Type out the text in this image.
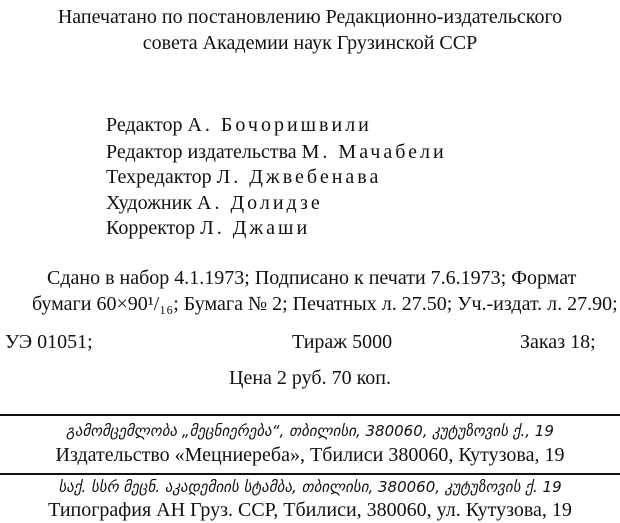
Напечатано по постановлению Редакционно-издательского
совета Академии наук Грузинской ССР
Редактор А. Бочоришвили
Редактор издательства М. Мачабели
Техредактор Л. Джвебенава
Художник А. Долидзе
Корректор Л. Джаши
Сдано в набор 4.1.1973; Подписано к печати 7.6.1973; Формат
бумаги 60×90¹/₁₆; Бумага № 2; Печатных л. 27.50; Уч.-издат. л. 27.90;
УЭ 01051;	Тираж 5000	Заказ 18;
Цена 2 руб. 70 коп.
გამომცემლობა „მეცნიერება“, თბილისი, 380060, კუტუზოვის ქ., 19
Издательство «Мецниереба», Тбилиси 380060, Кутузова, 19
საქ. სსრ მეცნ. აკადემიის სტამბა, თბილისი, 380060, კუტუზოვის ქ. 19
Типография АН Груз. ССР, Тбилиси, 380060, ул. Кутузова, 19
